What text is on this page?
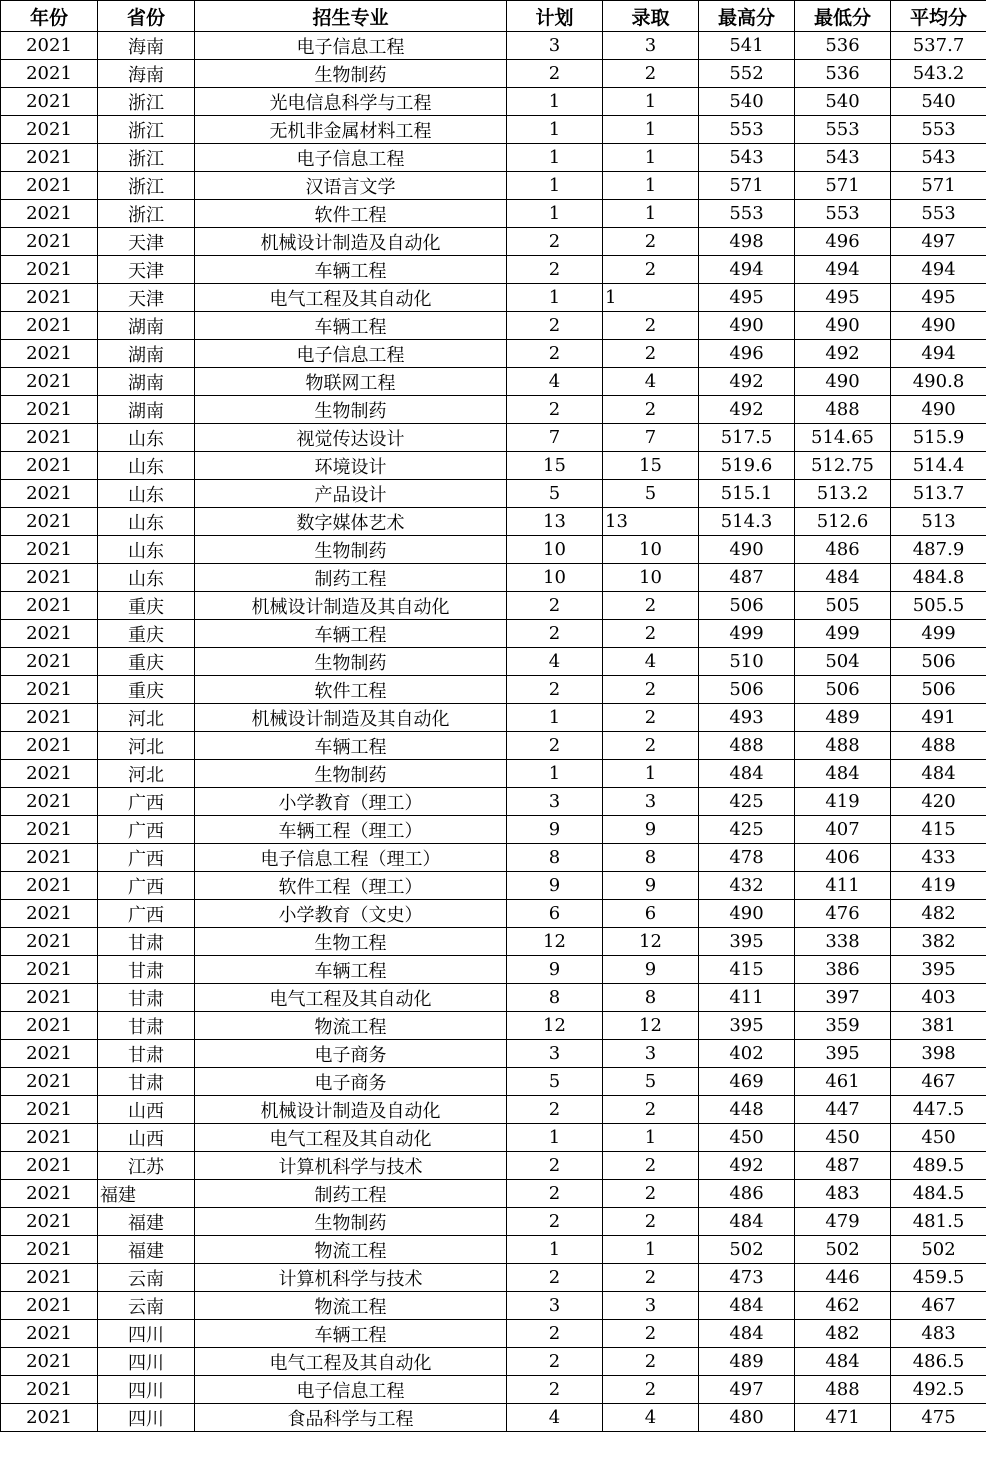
年份	省份	招生专业	计划	录取	最高分	最低分	平均分
2021	海南	电子信息工程	3	3	541	536	537.7
2021	海南	生物制药	2	2	552	536	543.2
2021	浙江	光电信息科学与工程	1	1	540	540	540
2021	浙江	无机非金属材料工程	1	1	553	553	553
2021	浙江	电子信息工程	1	1	543	543	543
2021	浙江	汉语言文学	1	1	571	571	571
2021	浙江	软件工程	1	1	553	553	553
2021	天津	机械设计制造及自动化	2	2	498	496	497
2021	天津	车辆工程	2	2	494	494	494
2021	天津	电气工程及其自动化	1	1	495	495	495
2021	湖南	车辆工程	2	2	490	490	490
2021	湖南	电子信息工程	2	2	496	492	494
2021	湖南	物联网工程	4	4	492	490	490.8
2021	湖南	生物制药	2	2	492	488	490
2021	山东	视觉传达设计	7	7	517.5	514.65	515.9
2021	山东	环境设计	15	15	519.6	512.75	514.4
2021	山东	产品设计	5	5	515.1	513.2	513.7
2021	山东	数字媒体艺术	13	13	514.3	512.6	513
2021	山东	生物制药	10	10	490	486	487.9
2021	山东	制药工程	10	10	487	484	484.8
2021	重庆	机械设计制造及其自动化	2	2	506	505	505.5
2021	重庆	车辆工程	2	2	499	499	499
2021	重庆	生物制药	4	4	510	504	506
2021	重庆	软件工程	2	2	506	506	506
2021	河北	机械设计制造及其自动化	1	2	493	489	491
2021	河北	车辆工程	2	2	488	488	488
2021	河北	生物制药	1	1	484	484	484
2021	广西	小学教育（理工）	3	3	425	419	420
2021	广西	车辆工程（理工）	9	9	425	407	415
2021	广西	电子信息工程（理工）	8	8	478	406	433
2021	广西	软件工程（理工）	9	9	432	411	419
2021	广西	小学教育（文史）	6	6	490	476	482
2021	甘肃	生物工程	12	12	395	338	382
2021	甘肃	车辆工程	9	9	415	386	395
2021	甘肃	电气工程及其自动化	8	8	411	397	403
2021	甘肃	物流工程	12	12	395	359	381
2021	甘肃	电子商务	3	3	402	395	398
2021	甘肃	电子商务	5	5	469	461	467
2021	山西	机械设计制造及自动化	2	2	448	447	447.5
2021	山西	电气工程及其自动化	1	1	450	450	450
2021	江苏	计算机科学与技术	2	2	492	487	489.5
2021	福建	制药工程	2	2	486	483	484.5
2021	福建	生物制药	2	2	484	479	481.5
2021	福建	物流工程	1	1	502	502	502
2021	云南	计算机科学与技术	2	2	473	446	459.5
2021	云南	物流工程	3	3	484	462	467
2021	四川	车辆工程	2	2	484	482	483
2021	四川	电气工程及其自动化	2	2	489	484	486.5
2021	四川	电子信息工程	2	2	497	488	492.5
2021	四川	食品科学与工程	4	4	480	471	475
